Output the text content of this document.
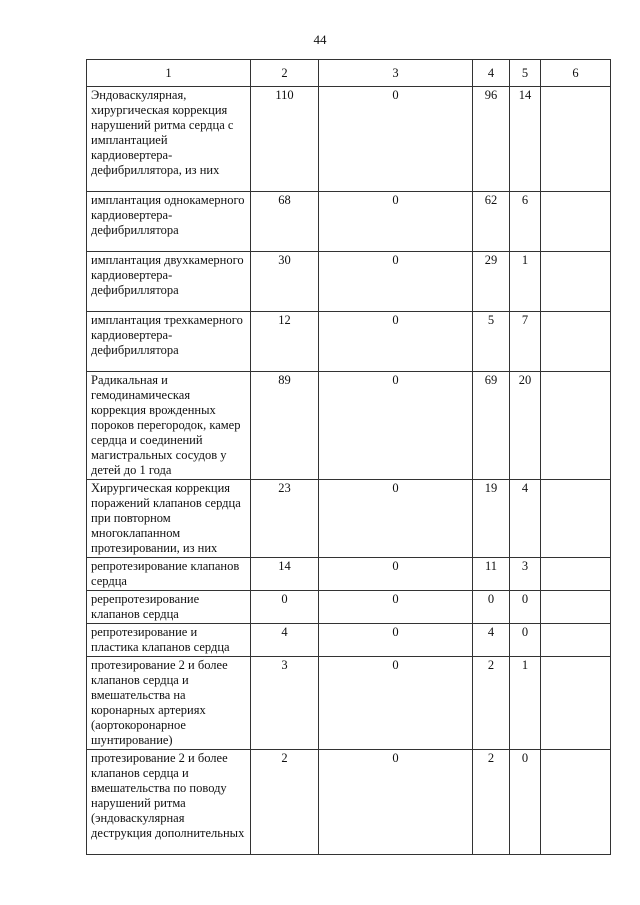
44
1	2	3	4	5	6
Эндоваскулярная, хирургическая коррекция нарушений ритма сердца с имплантацией кардиовертера-дефибриллятора, из них	110	0	96	14	
имплантация однокамерного кардиовертера-дефибриллятора	68	0	62	6	
имплантация двухкамерного кардиовертера-дефибриллятора	30	0	29	1	
имплантация трехкамерного кардиовертера-дефибриллятора	12	0	5	7	
Радикальная и гемодинамическая коррекция врожденных пороков перегородок, камер сердца и соединений магистральных сосудов у детей до 1 года	89	0	69	20	
Хирургическая коррекция поражений клапанов сердца при повторном многоклапанном протезировании, из них	23	0	19	4	
репротезирование клапанов сердца	14	0	11	3	
ререпротезирование клапанов сердца	0	0	0	0	
репротезирование и пластика клапанов сердца	4	0	4	0	
протезирование 2 и более клапанов сердца и вмешательства на коронарных артериях (аортокоронарное шунтирование)	3	0	2	1	
протезирование 2 и более клапанов сердца и вмешательства по поводу нарушений ритма (эндоваскулярная деструкция дополнительных	2	0	2	0	
